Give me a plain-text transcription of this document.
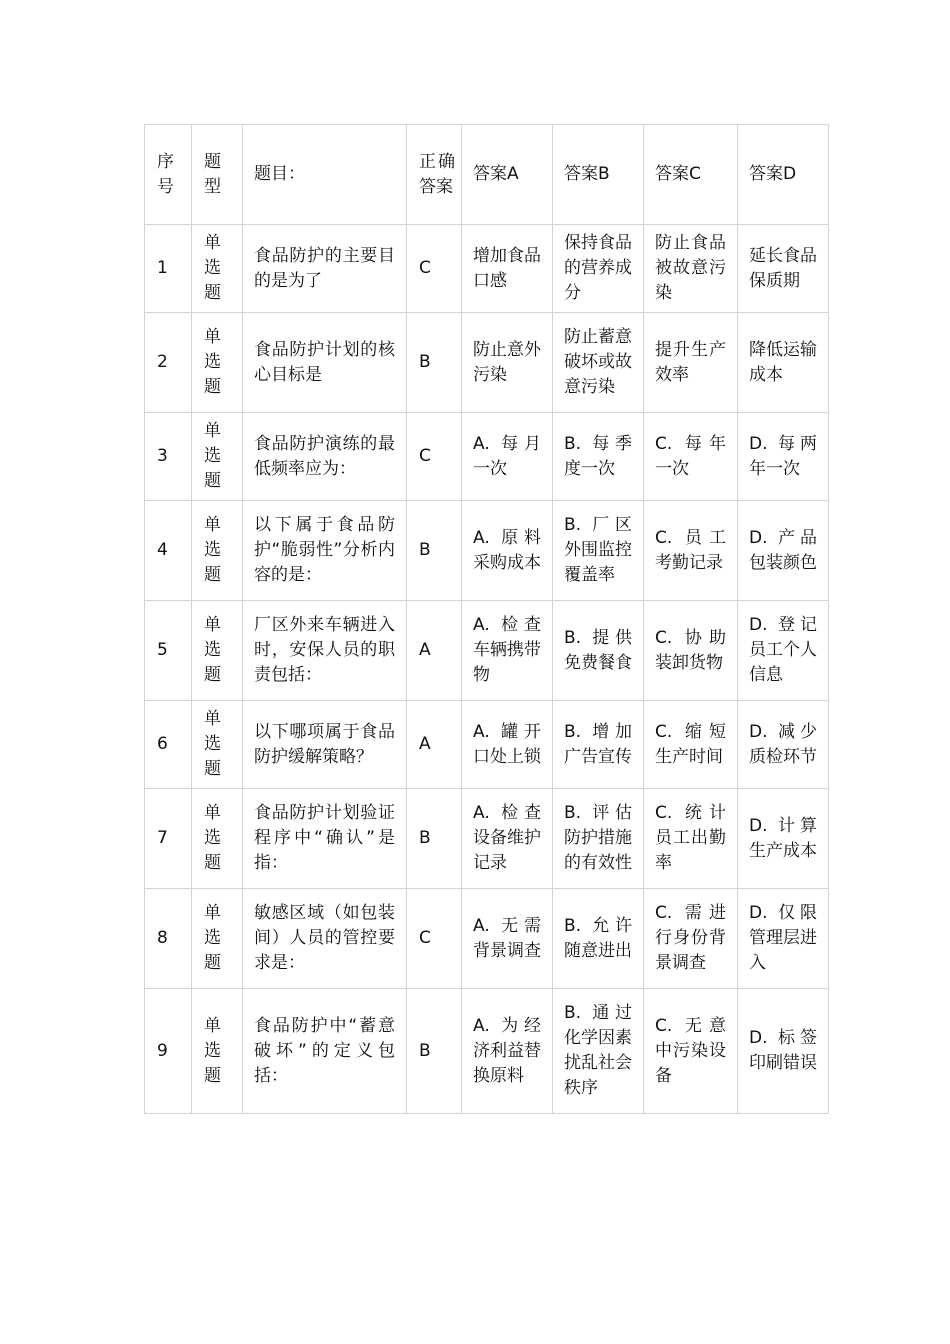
序号	题型	题目：	正确答案	答案A	答案B	答案C	答案D
1	单选题	食品防护的主要目的是为了	C	增加食品口感	保持食品的营养成分	防止食品被故意污染	延长食品保质期
2	单选题	食品防护计划的核心目标是	B	防止意外污染	防止蓄意破坏或故意污染	提升生产效率	降低运输成本
3	单选题	食品防护演练的最低频率应为：	C	A. 每月一次	B. 每季度一次	C. 每年一次	D. 每两年一次
4	单选题	以下属于食品防护“脆弱性”分析内容的是：	B	A. 原料采购成本	B. 厂区外围监控覆盖率	C. 员工考勤记录	D. 产品包装颜色
5	单选题	厂区外来车辆进入时，安保人员的职责包括：	A	A. 检查车辆携带物	B. 提供免费餐食	C. 协助装卸货物	D. 登记员工个人信息
6	单选题	以下哪项属于食品防护缓解策略？	A	A. 罐开口处上锁	B. 增加广告宣传	C. 缩短生产时间	D. 减少质检环节
7	单选题	食品防护计划验证程序中“确认”是指：	B	A. 检查设备维护记录	B. 评估防护措施的有效性	C. 统计员工出勤率	D. 计算生产成本
8	单选题	敏感区域（如包装间）人员的管控要求是：	C	A. 无需背景调查	B. 允许随意进出	C. 需进行身份背景调查	D. 仅限管理层进入
9	单选题	食品防护中“蓄意破坏”的定义包括：	B	A. 为经济利益替换原料	B. 通过化学因素扰乱社会秩序	C. 无意中污染设备	D. 标签印刷错误
